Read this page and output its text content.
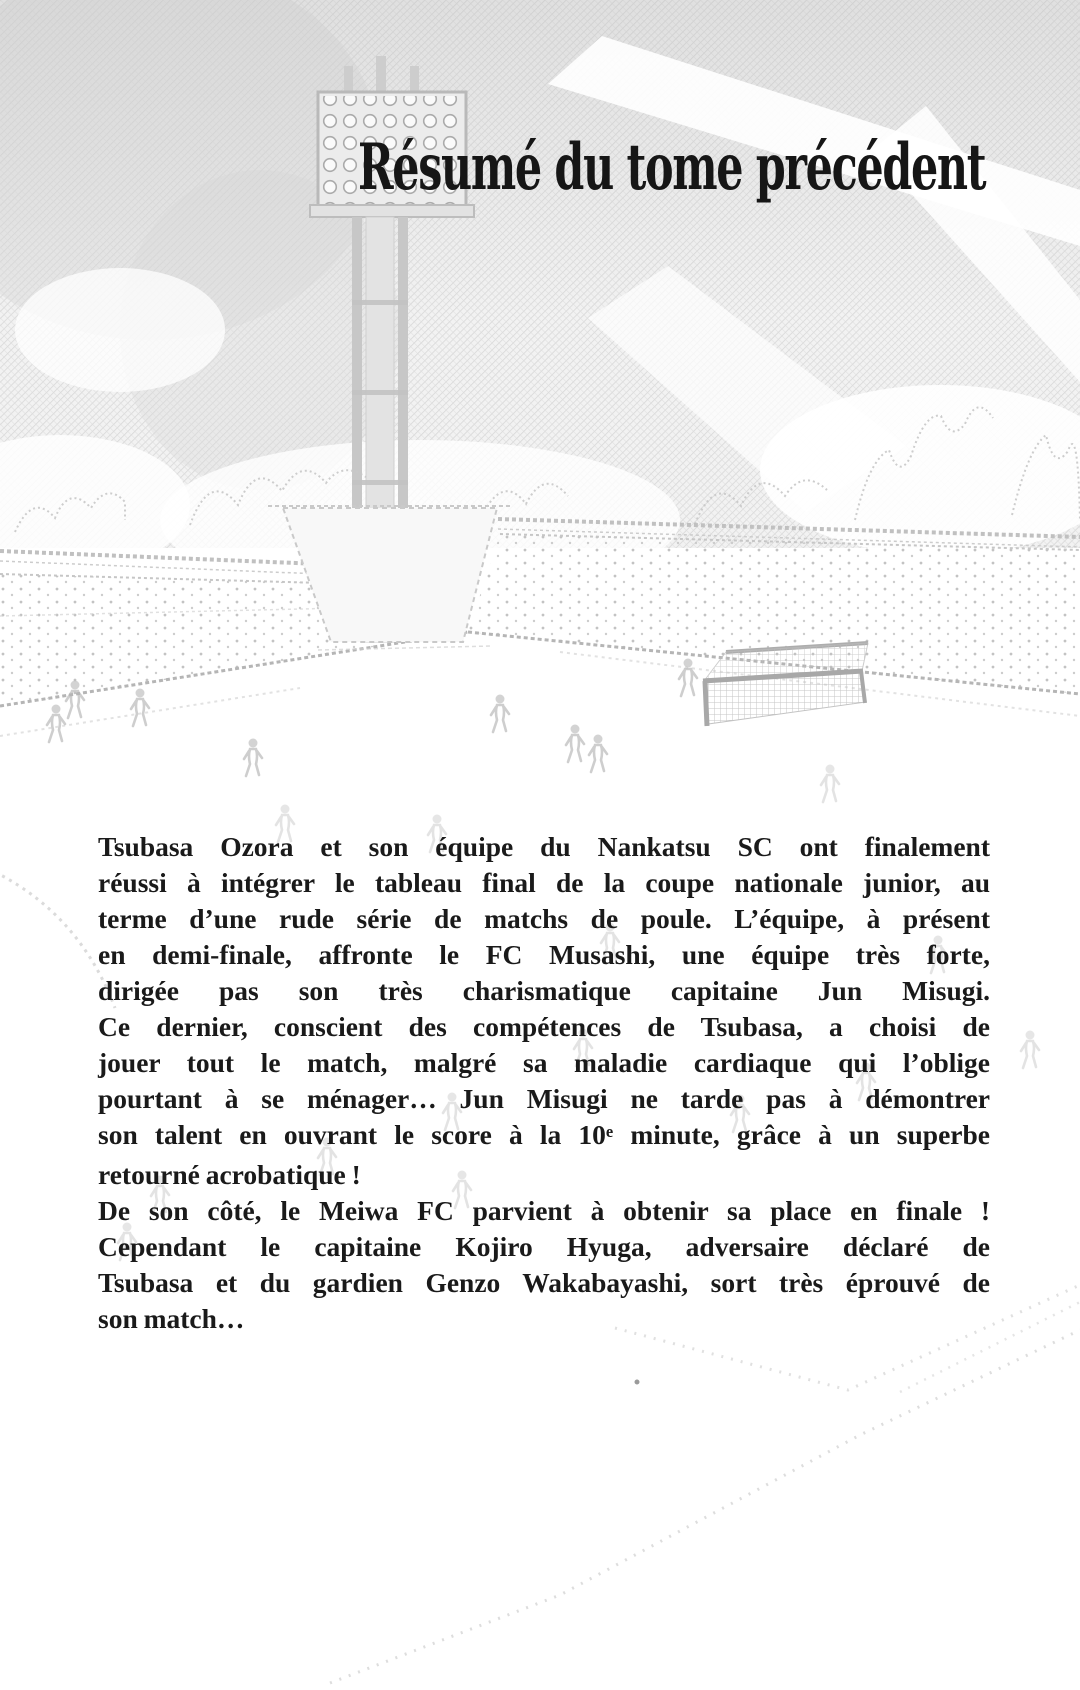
Résumé du tome précédent
Tsubasa Ozora et son équipe du Nankatsu SC ont finalement
réussi à intégrer le tableau final de la coupe nationale junior, au
terme d’une rude série de matchs de poule. L’équipe, à présent
en demi-finale, affronte le FC Musashi, une équipe très forte,
dirigée pas son très charismatique capitaine Jun Misugi.
Ce dernier, conscient des compétences de Tsubasa, a choisi de
jouer tout le match, malgré sa maladie cardiaque qui l’oblige
pourtant à se ménager… Jun Misugi ne tarde pas à démontrer
son talent en ouvrant le score à la 10e minute, grâce à un superbe
retourné acrobatique !
De son côté, le Meiwa FC parvient à obtenir sa place en finale !
Cependant le capitaine Kojiro Hyuga, adversaire déclaré de
Tsubasa et du gardien Genzo Wakabayashi, sort très éprouvé de
son match…
